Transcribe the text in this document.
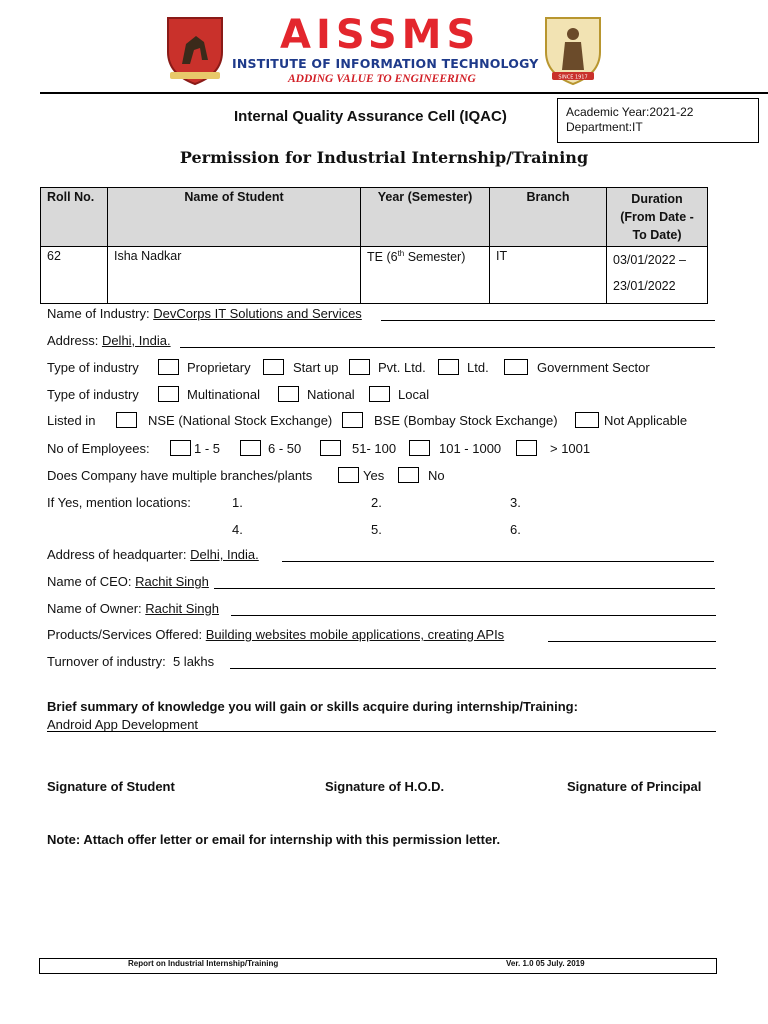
AISSMS
INSTITUTE OF INFORMATION TECHNOLOGY
ADDING VALUE TO ENGINEERING	SINCE 1917
Internal Quality Assurance Cell (IQAC)	Academic Year:2021-22
Department:IT
Permission for Industrial Internship/Training
Roll No.	Name of Student	Year (Semester)	Branch	Duration (From Date - To Date)
62	Isha Nadkar	TE (6th Semester)	IT	03/01/2022 –
23/01/2022
Name of Industry: DevCorps IT Solutions and Services
Address: Delhi, India.
Type of industry	Proprietary	Start up	Pvt. Ltd.	Ltd.	Government Sector
Type of industry	Multinational	National	Local
Listed in	NSE (National Stock Exchange)	BSE (Bombay Stock Exchange)	Not Applicable
No of Employees:	1 - 5	6 - 50	51- 100	101 - 1000	> 1001
Does Company have multiple branches/plants	Yes	No
If Yes, mention locations:	1.	2.	3.
4.	5.	6.
Address of headquarter: Delhi, India.
Name of CEO: Rachit Singh
Name of Owner: Rachit Singh
Products/Services Offered: Building websites mobile applications, creating APIs
Turnover of industry: 5 lakhs
Brief summary of knowledge you will gain or skills acquire during internship/Training:
Android App Development
Signature of Student	Signature of H.O.D.	Signature of Principal
Note: Attach offer letter or email for internship with this permission letter.
Report on Industrial Internship/Training	Ver. 1.0 05 July. 2019
